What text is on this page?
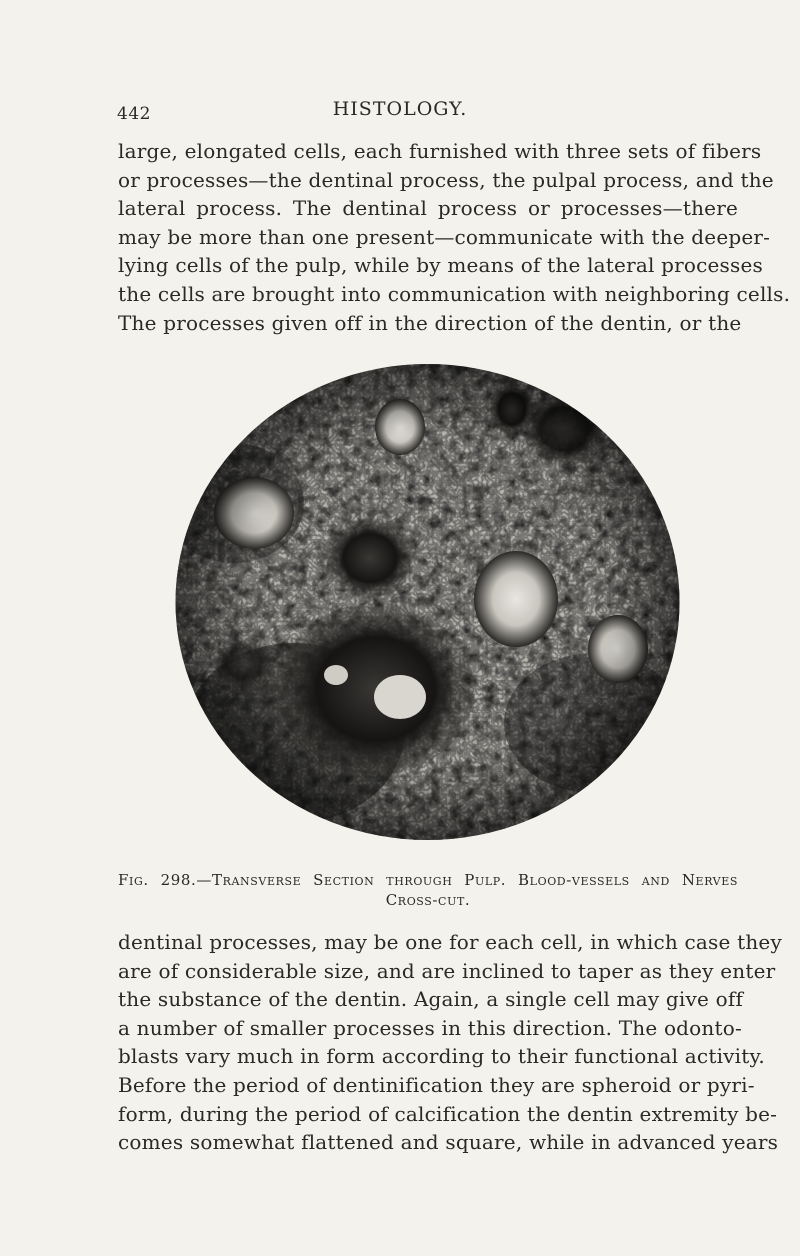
442	HISTOLOGY.
large, elongated cells, each furnished with three sets of fibers
or processes—the dentinal process, the pulpal process, and the
lateral process. The dentinal process or processes—there
may be more than one present—communicate with the deeper-
lying cells of the pulp, while by means of the lateral processes
the cells are brought into communication with neighboring cells.
The processes given off in the direction of the dentin, or the
Fig. 298.—Transverse Section through Pulp. Blood-vessels and Nerves
Cross-cut.
dentinal processes, may be one for each cell, in which case they
are of considerable size, and are inclined to taper as they enter
the substance of the dentin. Again, a single cell may give off
a number of smaller processes in this direction. The odonto-
blasts vary much in form according to their functional activity.
Before the period of dentinification they are spheroid or pyri-
form, during the period of calcification the dentin extremity be-
comes somewhat flattened and square, while in advanced years
